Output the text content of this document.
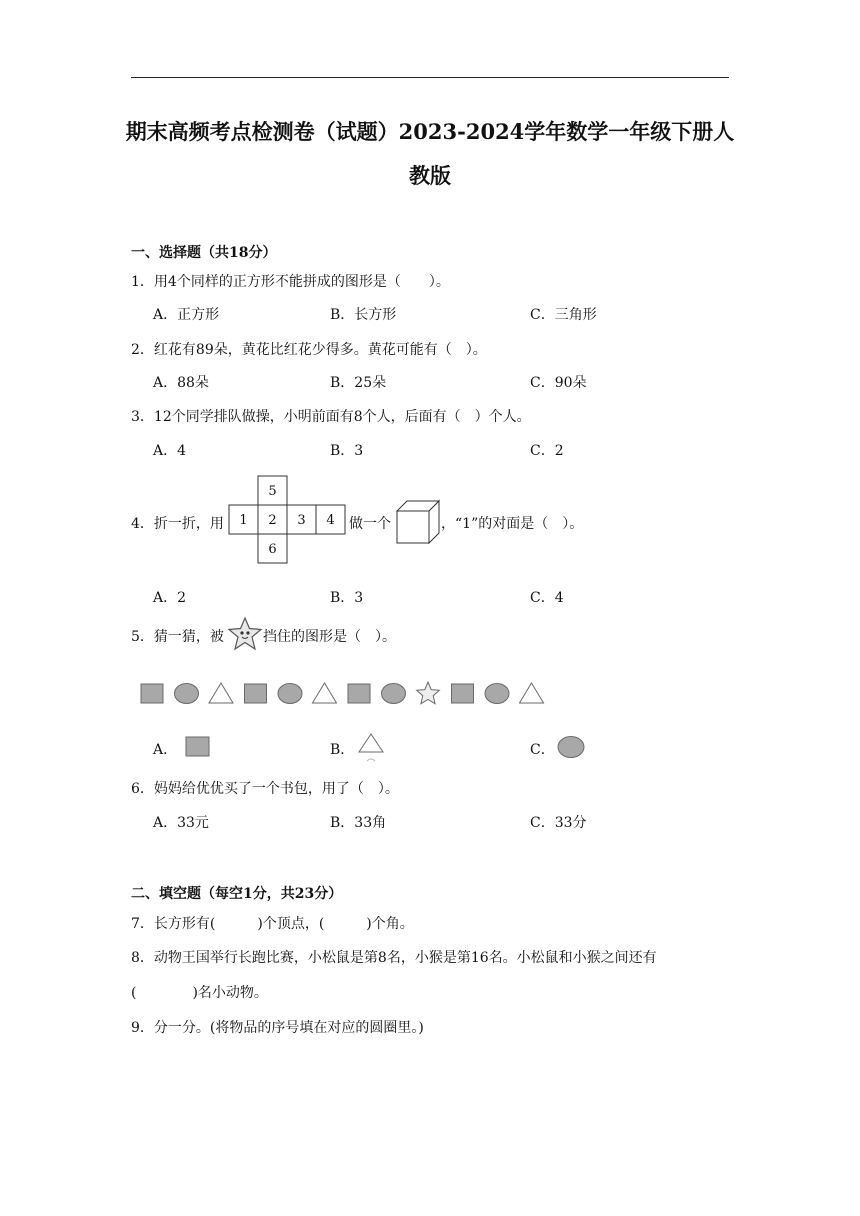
期末高频考点检测卷（试题）2023-2024学年数学一年级下册人
教版
一、选择题（共18分）
1．用4个同样的正方形不能拼成的图形是（　　）。
A．正方形	B．长方形	C．三角形
2．红花有89朵，黄花比红花少得多。黄花可能有（　）。
A．88朵	B．25朵	C．90朵
3．12个同学排队做操，小明前面有8个人，后面有（　）个人。
A．4	B．3	C．2
4．折一折，用
5
1 2 3 4
6
做一个	，“1”的对面是（　）。
A．2	B．3	C．4
5．猜一猜，被	挡住的图形是（　）。
A．	B．	C．
6．妈妈给优优买了一个书包，用了（　）。
A．33元	B．33角	C．33分
二、填空题（每空1分，共23分）
7．长方形有(　　　)个顶点，(　　　)个角。
8．动物王国举行长跑比赛，小松鼠是第8名，小猴是第16名。小松鼠和小猴之间还有
(　　　　)名小动物。
9．分一分。(将物品的序号填在对应的圆圈里。)
